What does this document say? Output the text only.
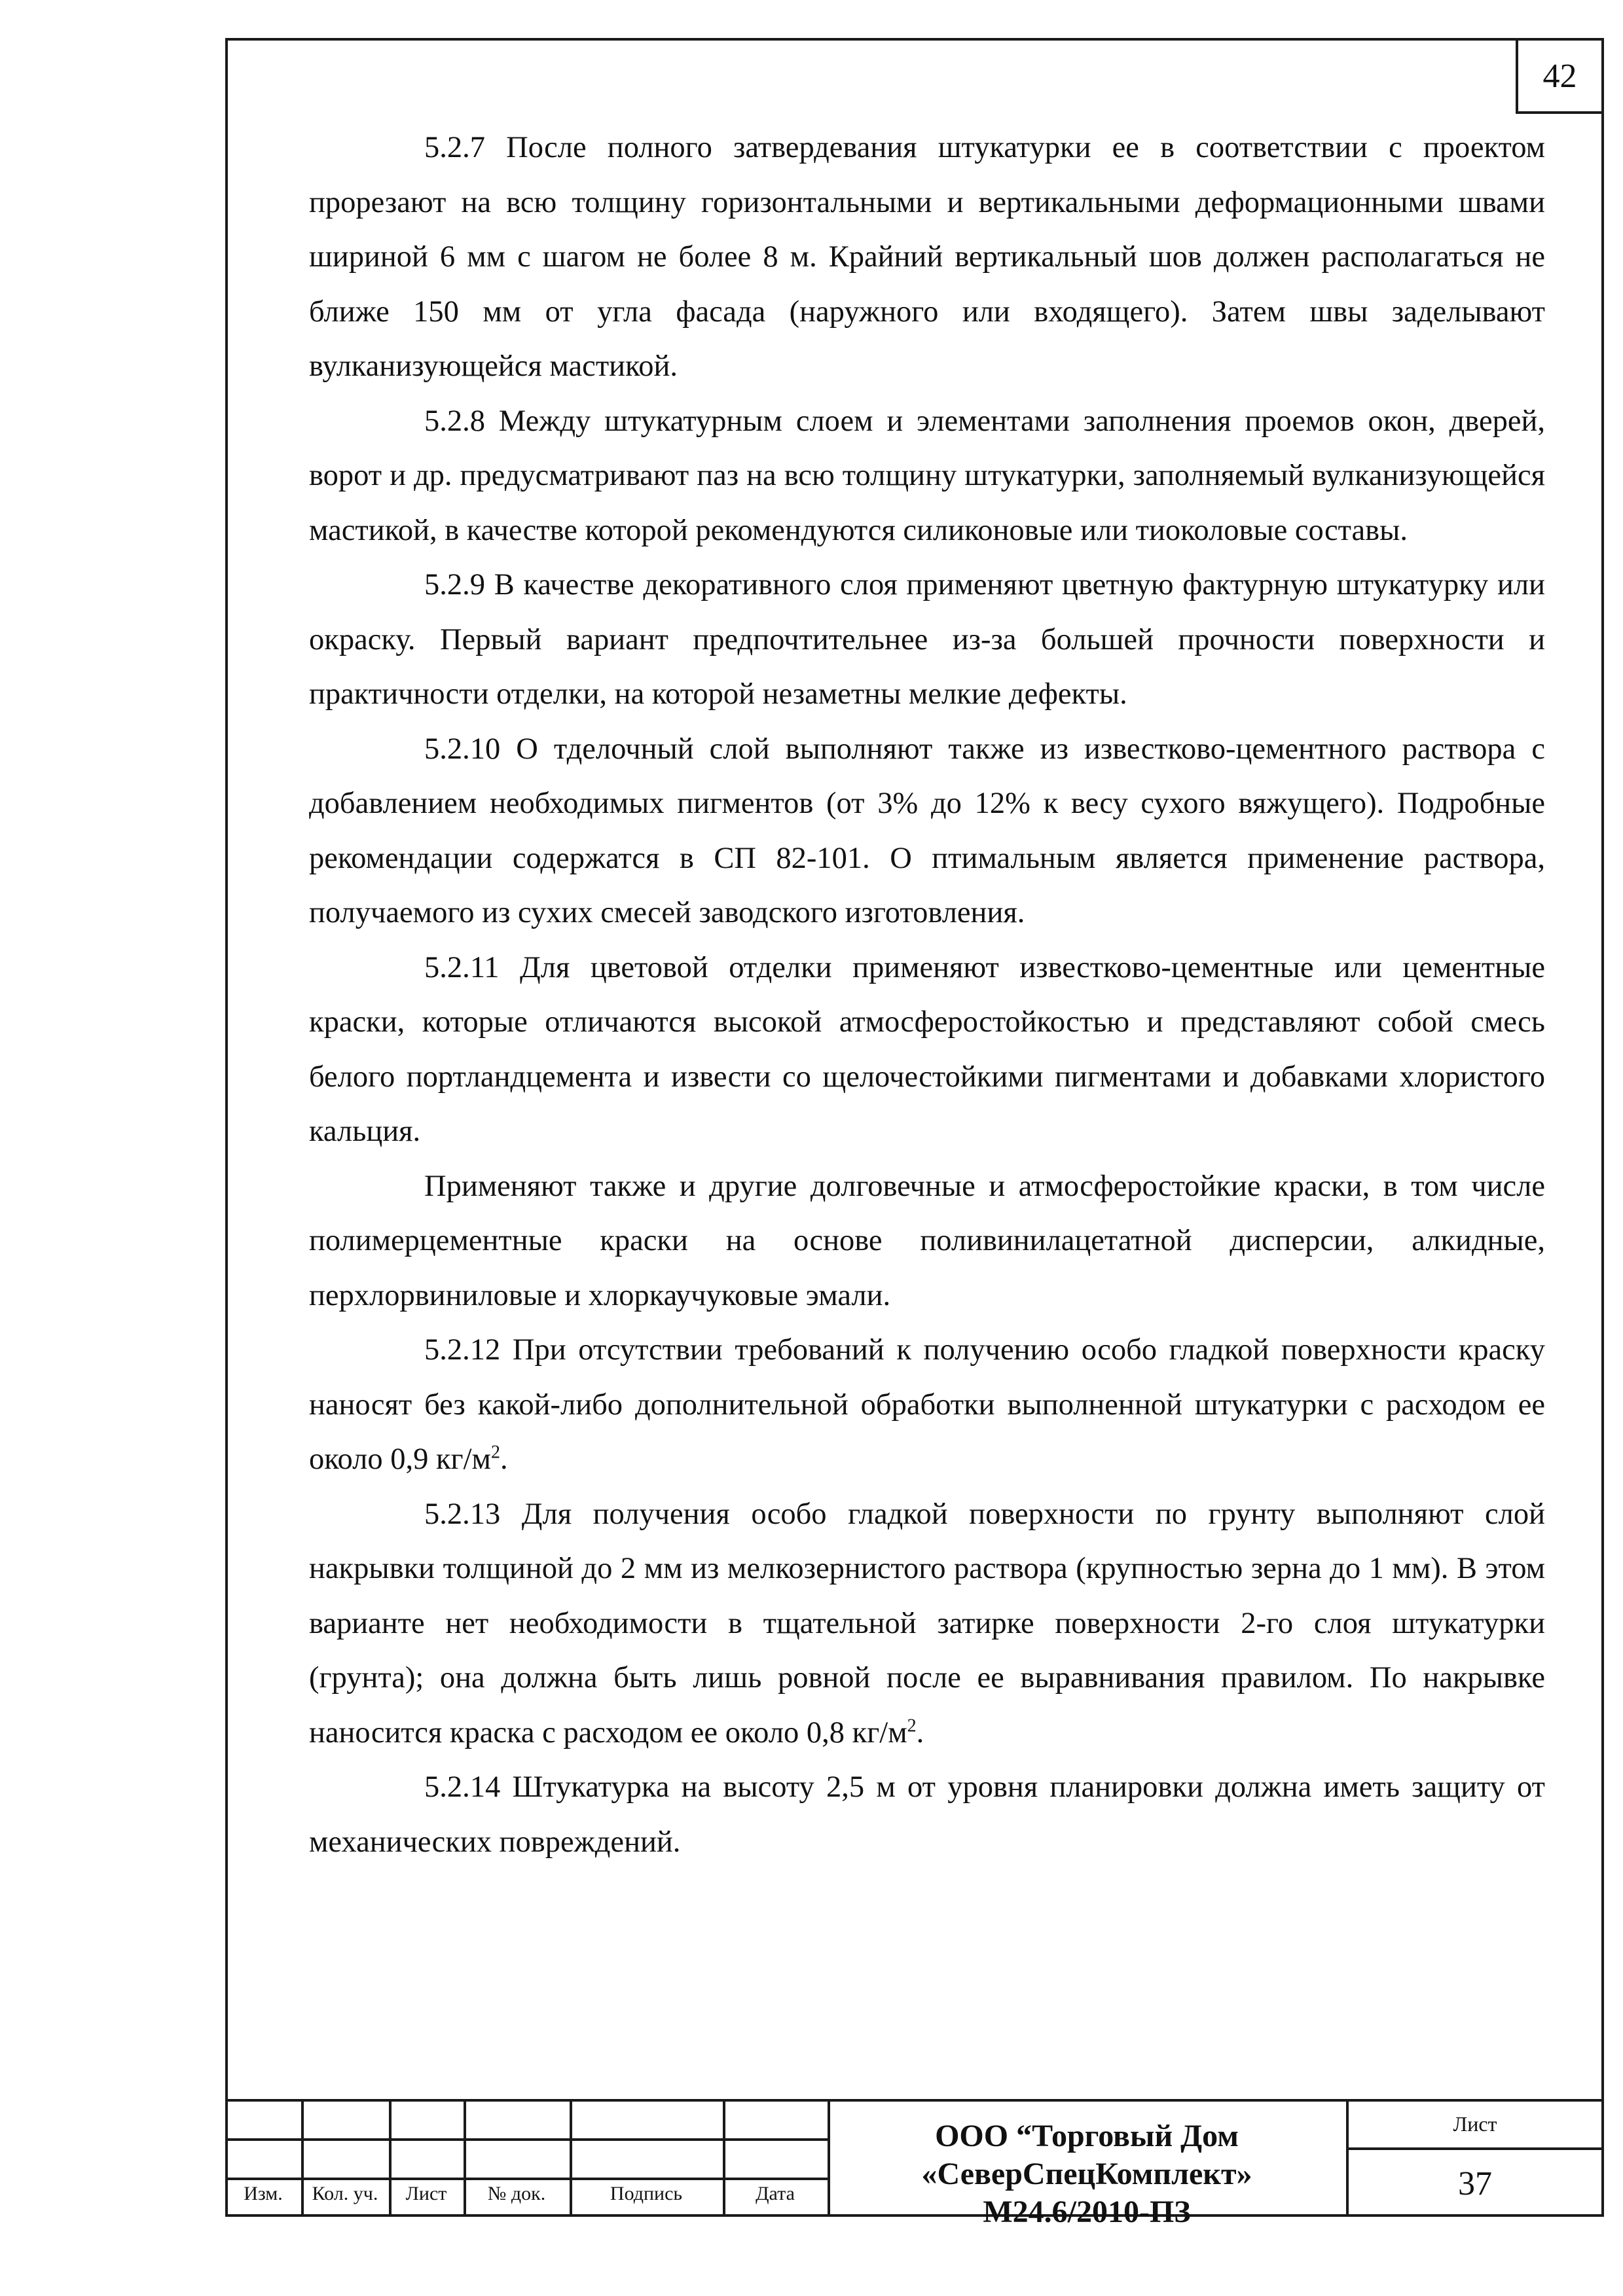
42

5.2.7 После полного затвердевания штукатурки ее в соответствии с проектом прорезают на всю толщину горизонтальными и вертикальными деформационными швами шириной 6 мм с шагом не более 8 м. Крайний вертикальный шов должен располагаться не ближе 150 мм от угла фасада (наружного или входящего). Затем швы заделывают вулканизующейся мастикой.

5.2.8 Между штукатурным слоем и элементами заполнения проемов окон, дверей, ворот и др. предусматривают паз на всю толщину штукатурки, заполняемый вулканизующейся мастикой, в качестве которой рекомендуются силиконовые или тиоколовые составы.

5.2.9 В качестве декоративного слоя применяют цветную фактурную штукатурку или окраску. Первый вариант предпочтительнее из-за большей прочности поверхности и практичности отделки, на которой незаметны мелкие дефекты.

5.2.10 О тделочный слой выполняют также из известково-цементного раствора с добавлением необходимых пигментов (от 3% до 12% к весу сухого вяжущего). Подробные рекомендации содержатся в СП 82-101. О птимальным является применение раствора, получаемого из сухих смесей заводского изготовления.

5.2.11 Для цветовой отделки применяют известково-цементные или цементные краски, которые отличаются высокой атмосферостойкостью и представляют собой смесь белого портландцемента и извести со щелочестойкими пигментами и добавками хлористого кальция.

Применяют также и другие долговечные и атмосферостойкие краски, в том числе полимерцементные краски на основе поливинилацетатной дисперсии, алкидные, перхлорвиниловые и хлоркаучуковые эмали.

5.2.12 При отсутствии требований к получению особо гладкой поверхности краску наносят без какой-либо дополнительной обработки выполненной штукатурки с расходом ее около 0,9 $кг/м^2$.

5.2.13 Для получения особо гладкой поверхности по грунту выполняют слой накрывки толщиной до 2 мм из мелкозернистого раствора (крупностью зерна до 1 мм). В этом варианте нет необходимости в тщательной затирке поверхности 2-го слоя штукатурки (грунта); она должна быть лишь ровной после ее выравнивания правилом. По накрывке наносится краска с расходом ее около 0,8 $кг/м^2$.

5.2.14 Штукатурка на высоту 2,5 м от уровня планировки должна иметь защиту от механических повреждений.

Изм.	Кол. уч.	Лист	№ док.	Подпись	Дата
ООО “Торговый Дом
«СеверСпецКомплект»
М24.6/2010-ПЗ
Лист
37
